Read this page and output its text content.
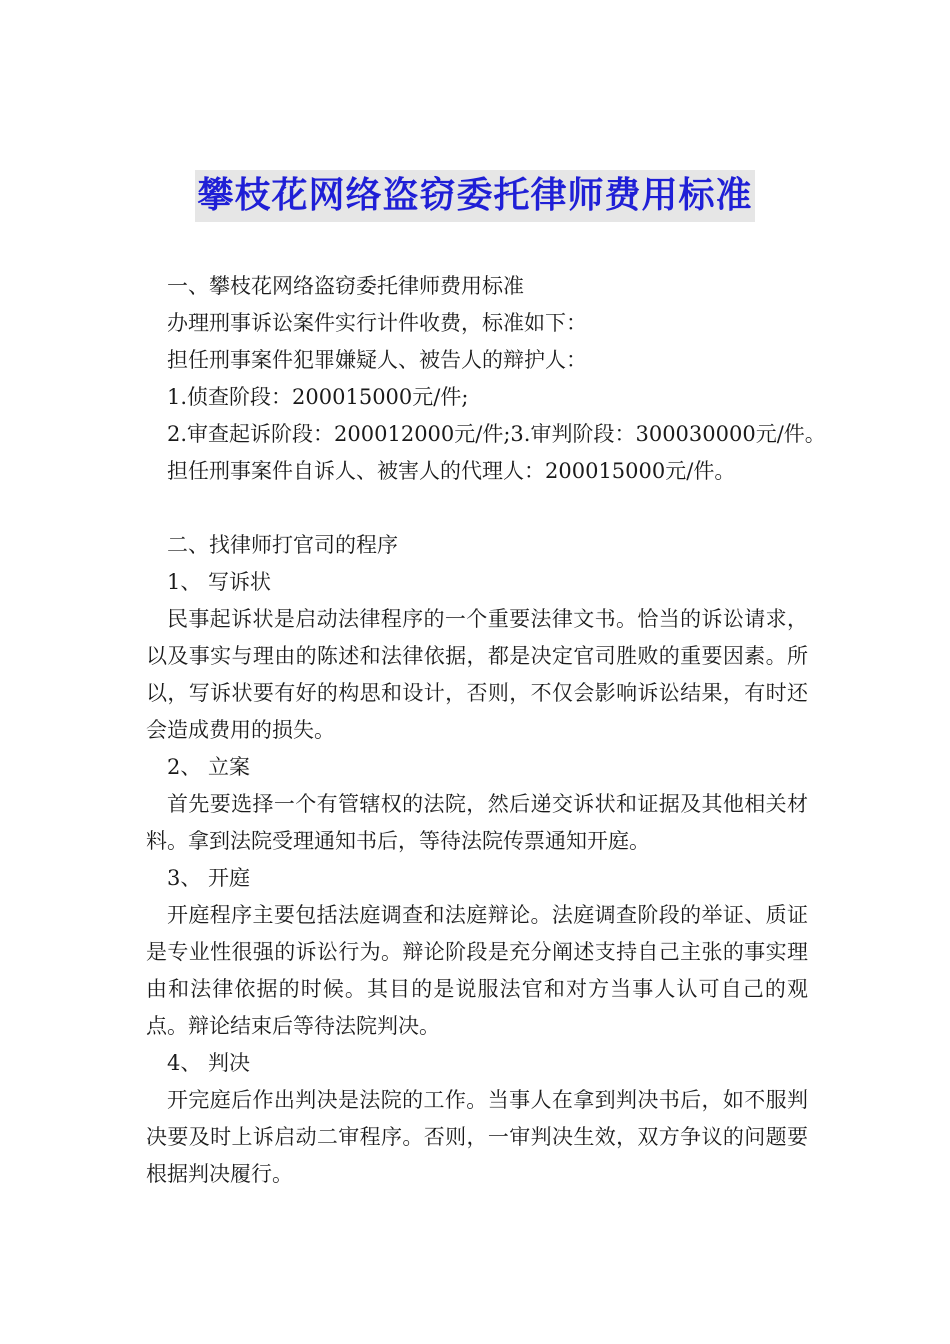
攀枝花网络盗窃委托律师费用标准

一、攀枝花网络盗窃委托律师费用标准

办理刑事诉讼案件实行计件收费，标准如下：

担任刑事案件犯罪嫌疑人、被告人的辩护人：

1.侦查阶段：200015000元/件;

2.审查起诉阶段：200012000元/件;3.审判阶段：300030000元/件。

担任刑事案件自诉人、被害人的代理人：200015000元/件。

二、找律师打官司的程序

1、 写诉状

民事起诉状是启动法律程序的一个重要法律文书。恰当的诉讼请求，以及事实与理由的陈述和法律依据，都是决定官司胜败的重要因素。所以，写诉状要有好的构思和设计，否则，不仅会影响诉讼结果，有时还会造成费用的损失。

2、 立案

首先要选择一个有管辖权的法院，然后递交诉状和证据及其他相关材料。拿到法院受理通知书后，等待法院传票通知开庭。

3、 开庭

开庭程序主要包括法庭调查和法庭辩论。法庭调查阶段的举证、质证是专业性很强的诉讼行为。辩论阶段是充分阐述支持自己主张的事实理由和法律依据的时候。其目的是说服法官和对方当事人认可自己的观点。辩论结束后等待法院判决。

4、 判决

开完庭后作出判决是法院的工作。当事人在拿到判决书后，如不服判决要及时上诉启动二审程序。否则，一审判决生效，双方争议的问题要根据判决履行。
